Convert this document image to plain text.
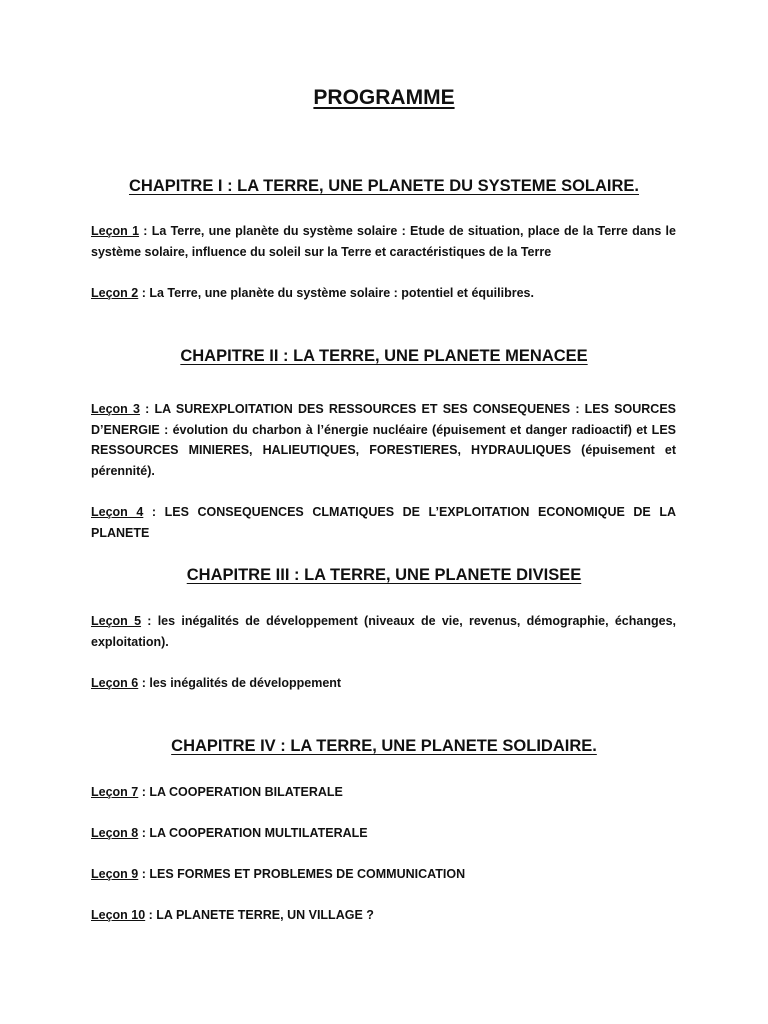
PROGRAMME
CHAPITRE I : LA TERRE, UNE PLANETE DU SYSTEME SOLAIRE.
Leçon 1 : La Terre, une planète du système solaire : Etude de situation, place de la Terre dans le système solaire, influence du soleil sur la Terre et caractéristiques de la Terre
Leçon 2 : La Terre, une planète du système solaire : potentiel et équilibres.
CHAPITRE II : LA TERRE, UNE PLANETE MENACEE
Leçon 3 : LA SUREXPLOITATION DES RESSOURCES ET SES CONSEQUENES : LES SOURCES D’ENERGIE : évolution du charbon à l’énergie nucléaire (épuisement et danger radioactif) et LES RESSOURCES MINIERES, HALIEUTIQUES, FORESTIERES, HYDRAULIQUES (épuisement et pérennité).
Leçon 4 : LES CONSEQUENCES CLMATIQUES DE L’EXPLOITATION ECONOMIQUE DE LA PLANETE
CHAPITRE III : LA TERRE, UNE PLANETE DIVISEE
Leçon 5 : les inégalités de développement (niveaux de vie, revenus, démographie, échanges, exploitation).
Leçon 6 : les inégalités de développement
CHAPITRE IV : LA TERRE, UNE PLANETE SOLIDAIRE.
Leçon 7 : LA COOPERATION BILATERALE
Leçon 8 : LA COOPERATION MULTILATERALE
Leçon 9 : LES FORMES ET PROBLEMES DE COMMUNICATION
Leçon 10 : LA PLANETE TERRE, UN VILLAGE ?
